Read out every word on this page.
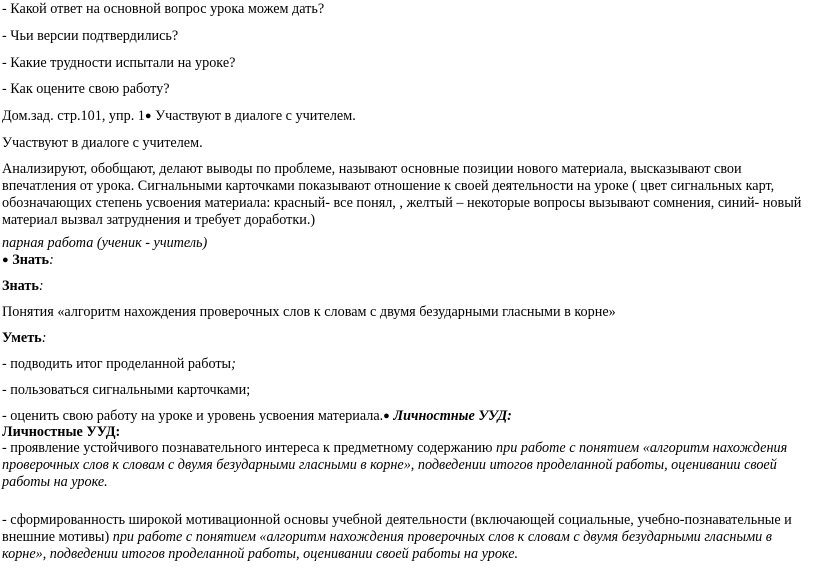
- Какой ответ на основной вопрос урока можем дать?
- Чьи версии подтвердились?
- Какие трудности испытали на уроке?
- Как оцените свою работу?
Дом.зад. стр.101, упр. 1● Участвуют в диалоге с учителем.
Участвуют в диалоге с учителем.
Анализируют, обобщают, делают выводы по проблеме, называют основные позиции нового материала, высказывают свои впечатления от урока. Сигнальными карточками показывают отношение к своей деятельности на уроке ( цвет сигнальных карт, обозначающих степень усвоения материала: красный- все понял, , желтый – некоторые вопросы вызывают сомнения, синий- новый материал вызвал затруднения и требует доработки.)
парная работа (ученик - учитель)
● Знать:
Знать:
Понятия «алгоритм нахождения проверочных слов к словам с двумя безударными гласными в корне»
Уметь:
- подводить итог проделанной работы;
- пользоваться сигнальными карточками;
- оценить свою работу на уроке и уровень усвоения материала.● Личностные УУД:
Личностные УУД:
- проявление устойчивого познавательного интереса к предметному содержанию при работе с понятием «алгоритм нахождения проверочных слов к словам с двумя безударными гласными в корне», подведении итогов проделанной работы, оценивании своей работы на уроке.
- сформированность широкой мотивационной основы учебной деятельности (включающей социальные, учебно-познавательные и внешние мотивы) при работе с понятием «алгоритм нахождения проверочных слов к словам с двумя безударными гласными в корне», подведении итогов проделанной работы, оценивании своей работы на уроке.
